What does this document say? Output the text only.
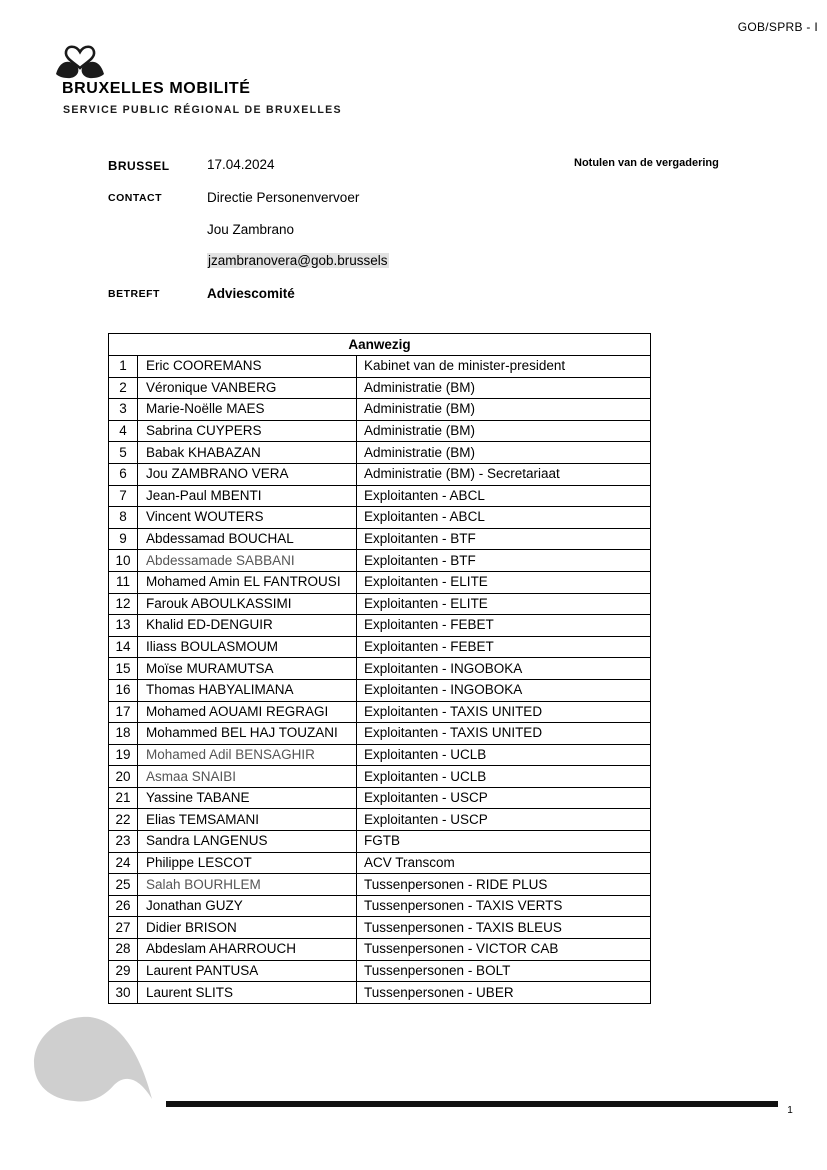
GOB/SPRB - I
BRUXELLES MOBILITÉ
SERVICE PUBLIC RÉGIONAL DE BRUXELLES
BRUSSEL	17.04.2024	Notulen van de vergadering
CONTACT	Directie Personenvervoer
Jou Zambrano
jzambranovera@gob.brussels
BETREFT	Adviescomité
Aanwezig		
1	Eric COOREMANS	Kabinet van de minister-president
2	Véronique VANBERG	Administratie (BM)
3	Marie-Noëlle MAES	Administratie (BM)
4	Sabrina CUYPERS	Administratie (BM)
5	Babak KHABAZAN	Administratie (BM)
6	Jou ZAMBRANO VERA	Administratie (BM) - Secretariaat
7	Jean-Paul MBENTI	Exploitanten - ABCL
8	Vincent WOUTERS	Exploitanten - ABCL
9	Abdessamad BOUCHAL	Exploitanten - BTF
10	Abdessamade SABBANI	Exploitanten - BTF
11	Mohamed Amin EL FANTROUSI	Exploitanten - ELITE
12	Farouk ABOULKASSIMI	Exploitanten - ELITE
13	Khalid ED-DENGUIR	Exploitanten - FEBET
14	Iliass BOULASMOUM	Exploitanten - FEBET
15	Moïse MURAMUTSA	Exploitanten - INGOBOKA
16	Thomas HABYALIMANA	Exploitanten - INGOBOKA
17	Mohamed AOUAMI REGRAGI	Exploitanten - TAXIS UNITED
18	Mohammed BEL HAJ TOUZANI	Exploitanten - TAXIS UNITED
19	Mohamed Adil BENSAGHIR	Exploitanten - UCLB
20	Asmaa SNAIBI	Exploitanten - UCLB
21	Yassine TABANE	Exploitanten - USCP
22	Elias TEMSAMANI	Exploitanten - USCP
23	Sandra LANGENUS	FGTB
24	Philippe LESCOT	ACV Transcom
25	Salah BOURHLEM	Tussenpersonen - RIDE PLUS
26	Jonathan GUZY	Tussenpersonen - TAXIS VERTS
27	Didier BRISON	Tussenpersonen - TAXIS BLEUS
28	Abdeslam AHARROUCH	Tussenpersonen - VICTOR CAB
29	Laurent PANTUSA	Tussenpersonen - BOLT
30	Laurent SLITS	Tussenpersonen - UBER
1
